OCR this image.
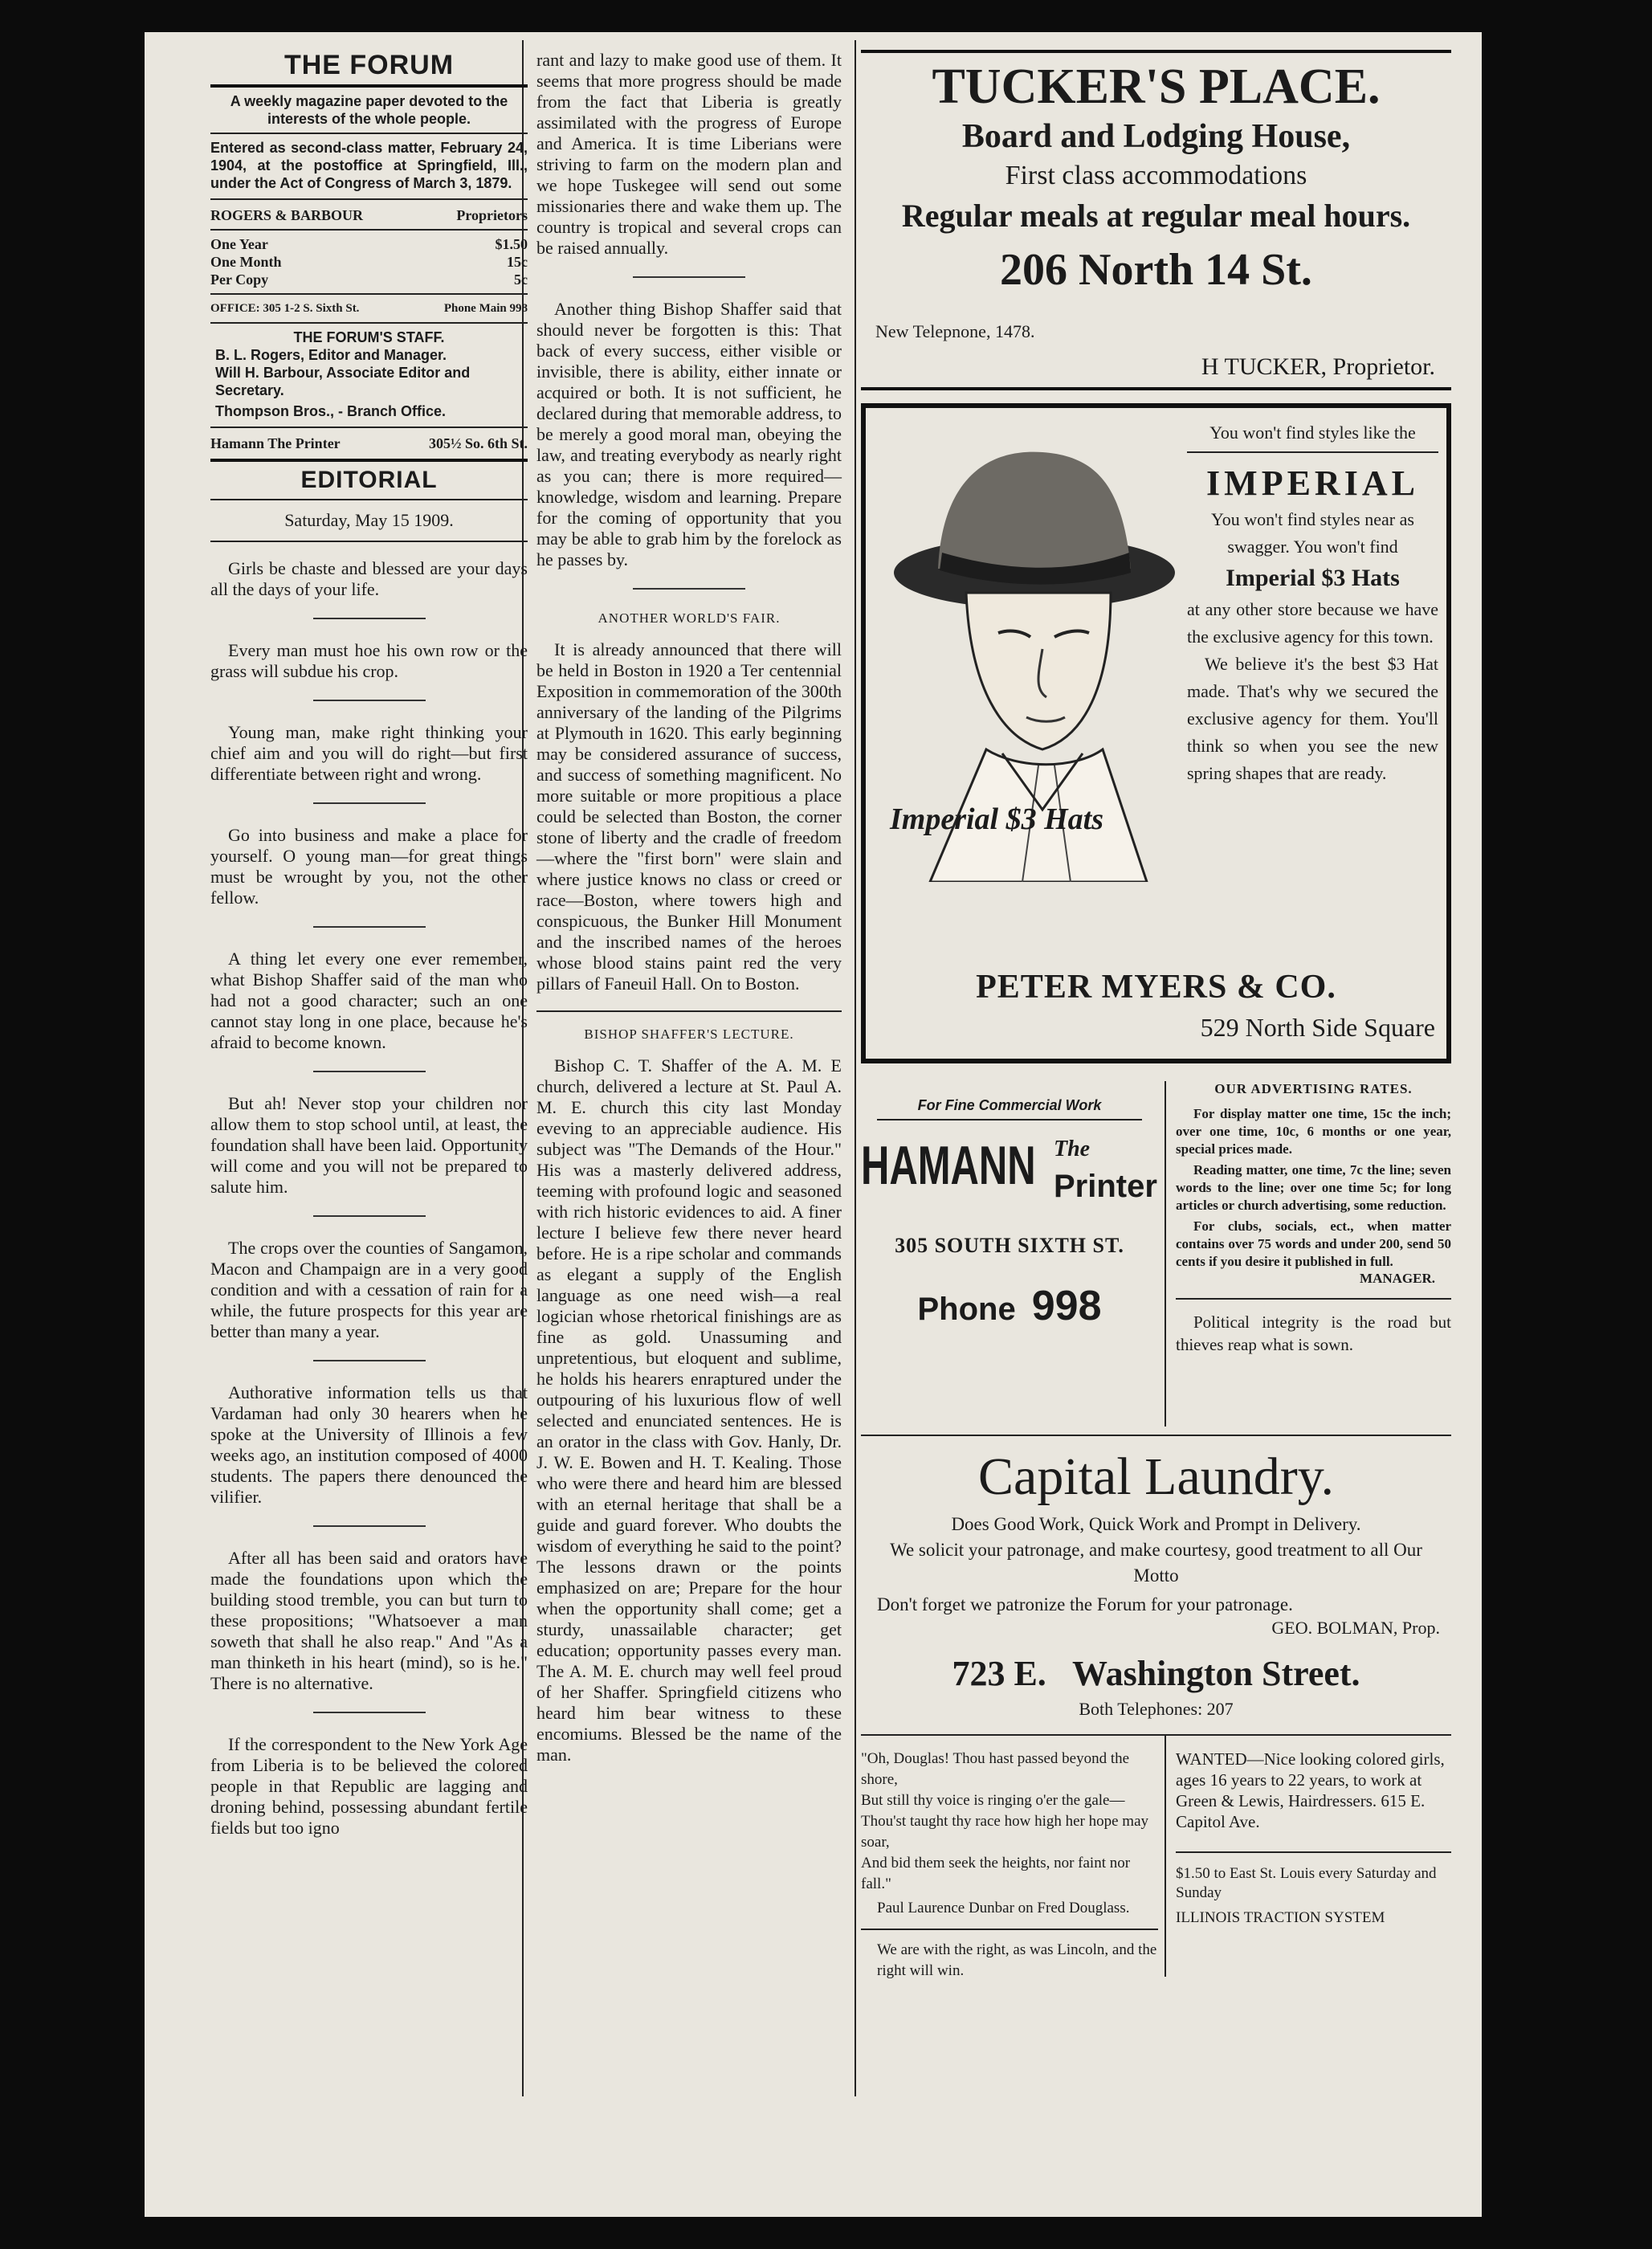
THE FORUM

A weekly magazine paper devoted to the interests of the whole people.

Entered as second-class matter, February 24, 1904, at the postoffice at Springfield, Ill., under the Act of Congress of March 3, 1879.

ROGERS & BARBOUR	Proprietors
One Year	$1.50
One Month	15c
Per Copy	5c
OFFICE: 305 1-2 S. Sixth St.	Phone Main 998
THE FORUM'S STAFF.
B. L. Rogers, Editor and Manager.
Will H. Barbour, Associate Editor and Secretary.
Thompson Bros., - Branch Office.
Hamann The Printer	305½ So. 6th St.
EDITORIAL
Saturday, May 15 1909.

Girls be chaste and blessed are your days all the days of your life.

Every man must hoe his own row or the grass will subdue his crop.

Young man, make right thinking your chief aim and you will do right—but first differentiate between right and wrong.

Go into business and make a place for yourself. O young man—for great things must be wrought by you, not the other fellow.

A thing let every one ever remember, what Bishop Shaffer said of the man who had not a good character; such an one cannot stay long in one place, because he's afraid to become known.

But ah! Never stop your children nor allow them to stop school until, at least, the foundation shall have been laid. Opportunity will come and you will not be prepared to salute him.

The crops over the counties of Sangamon, Macon and Champaign are in a very good condition and with a cessation of rain for a while, the future prospects for this year are better than many a year.

Authorative information tells us that Vardaman had only 30 hearers when he spoke at the University of Illinois a few weeks ago, an institution composed of 4000 students. The papers there denounced the vilifier.

After all has been said and orators have made the foundations upon which the building stood tremble, you can but turn to these propositions; "Whatsoever a man soweth that shall he also reap." And "As a man thinketh in his heart (mind), so is he." There is no alternative.

If the correspondent to the New York Age from Liberia is to be believed the colored people in that Republic are lagging and droning behind, possessing abundant fertile fields but too igno

rant and lazy to make good use of them. It seems that more progress should be made from the fact that Liberia is greatly assimilated with the progress of Europe and America. It is time Liberians were striving to farm on the modern plan and we hope Tuskegee will send out some missionaries there and wake them up. The country is tropical and several crops can be raised annually.

Another thing Bishop Shaffer said that should never be forgotten is this: That back of every success, either visible or invisible, there is ability, either innate or acquired or both. It is not sufficient, he declared during that memorable address, to be merely a good moral man, obeying the law, and treating everybody as nearly right as you can; there is more required—knowledge, wisdom and learning. Prepare for the coming of opportunity that you may be able to grab him by the forelock as he passes by.

ANOTHER WORLD'S FAIR.

It is already announced that there will be held in Boston in 1920 a Ter centennial Exposition in commemoration of the 300th anniversary of the landing of the Pilgrims at Plymouth in 1620. This early beginning may be considered assurance of success, and success of something magnificent. No more suitable or more propitious a place could be selected than Boston, the corner stone of liberty and the cradle of freedom—where the "first born" were slain and where justice knows no class or creed or race—Boston, where towers high and conspicuous, the Bunker Hill Monument and the inscribed names of the heroes whose blood stains paint red the very pillars of Faneuil Hall. On to Boston.

BISHOP SHAFFER'S LECTURE.

Bishop C. T. Shaffer of the A. M. E church, delivered a lecture at St. Paul A. M. E. church this city last Monday eveving to an appreciable audience. His subject was "The Demands of the Hour." His was a masterly delivered address, teeming with profound logic and seasoned with rich historic evidences to aid. A finer lecture I believe few there never heard before. He is a ripe scholar and commands as elegant a supply of the English language as one need wish—a real logician whose rhetorical finishings are as fine as gold. Unassuming and unpretentious, but eloquent and sublime, he holds his hearers enraptured under the outpouring of his luxurious flow of well selected and enunciated sentences. He is an orator in the class with Gov. Hanly, Dr. J. W. E. Bowen and H. T. Kealing. Those who were there and heard him are blessed with an eternal heritage that shall be a guide and guard forever. Who doubts the wisdom of everything he said to the point? The lessons drawn or the points emphasized on are; Prepare for the hour when the opportunity shall come; get a sturdy, unassailable character; get education; opportunity passes every man. The A. M. E. church may well feel proud of her Shaffer. Springfield citizens who heard him bear witness to these encomiums. Blessed be the name of the man.

TUCKER'S PLACE.
Board and Lodging House,
First class accommodations
Regular meals at regular meal hours.
206 North 14 St.
New Telepnone, 1478.
H TUCKER, Proprietor.
Imperial $3 Hats

You won't find styles like the

IMPERIAL

You won't find styles near as swagger. You won't find

Imperial $3 Hats

at any other store because we have the exclusive agency for this town.

We believe it's the best $3 Hat made. That's why we secured the exclusive agency for them. You'll think so when you see the new spring shapes that are ready.

PETER MYERS & CO.
529 North Side Square
For Fine Commercial Work
HAMANN The
Printer
305 SOUTH SIXTH ST.
Phone 998
OUR ADVERTISING RATES.

For display matter one time, 15c the inch; over one time, 10c, 6 months or one year, special prices made.

Reading matter, one time, 7c the line; seven words to the line; over one time 5c; for long articles or church advertising, some reduction.

For clubs, socials, ect., when matter contains over 75 words and under 200, send 50 cents if you desire it published in full.

MANAGER.

Political integrity is the road but thieves reap what is sown.

Capital Laundry.
Does Good Work, Quick Work and Prompt in Delivery.
We solicit your patronage, and make courtesy, good treatment to all Our Motto
Don't forget we patronize the Forum for your patronage.
GEO. BOLMAN, Prop.
723 E.   Washington Street.
Both Telephones: 207
"Oh, Douglas! Thou hast passed beyond the shore,
But still thy voice is ringing o'er the gale—
Thou'st taught thy race how high her hope may soar,
And bid them seek the heights, nor faint nor fall."
Paul Laurence Dunbar on Fred Douglass.
We are with the right, as was Lincoln, and the right will win.

WANTED—Nice looking colored girls, ages 16 years to 22 years, to work at Green & Lewis, Hairdressers. 615 E. Capitol Ave.

$1.50 to East St. Louis every Saturday and Sunday

ILLINOIS TRACTION SYSTEM
